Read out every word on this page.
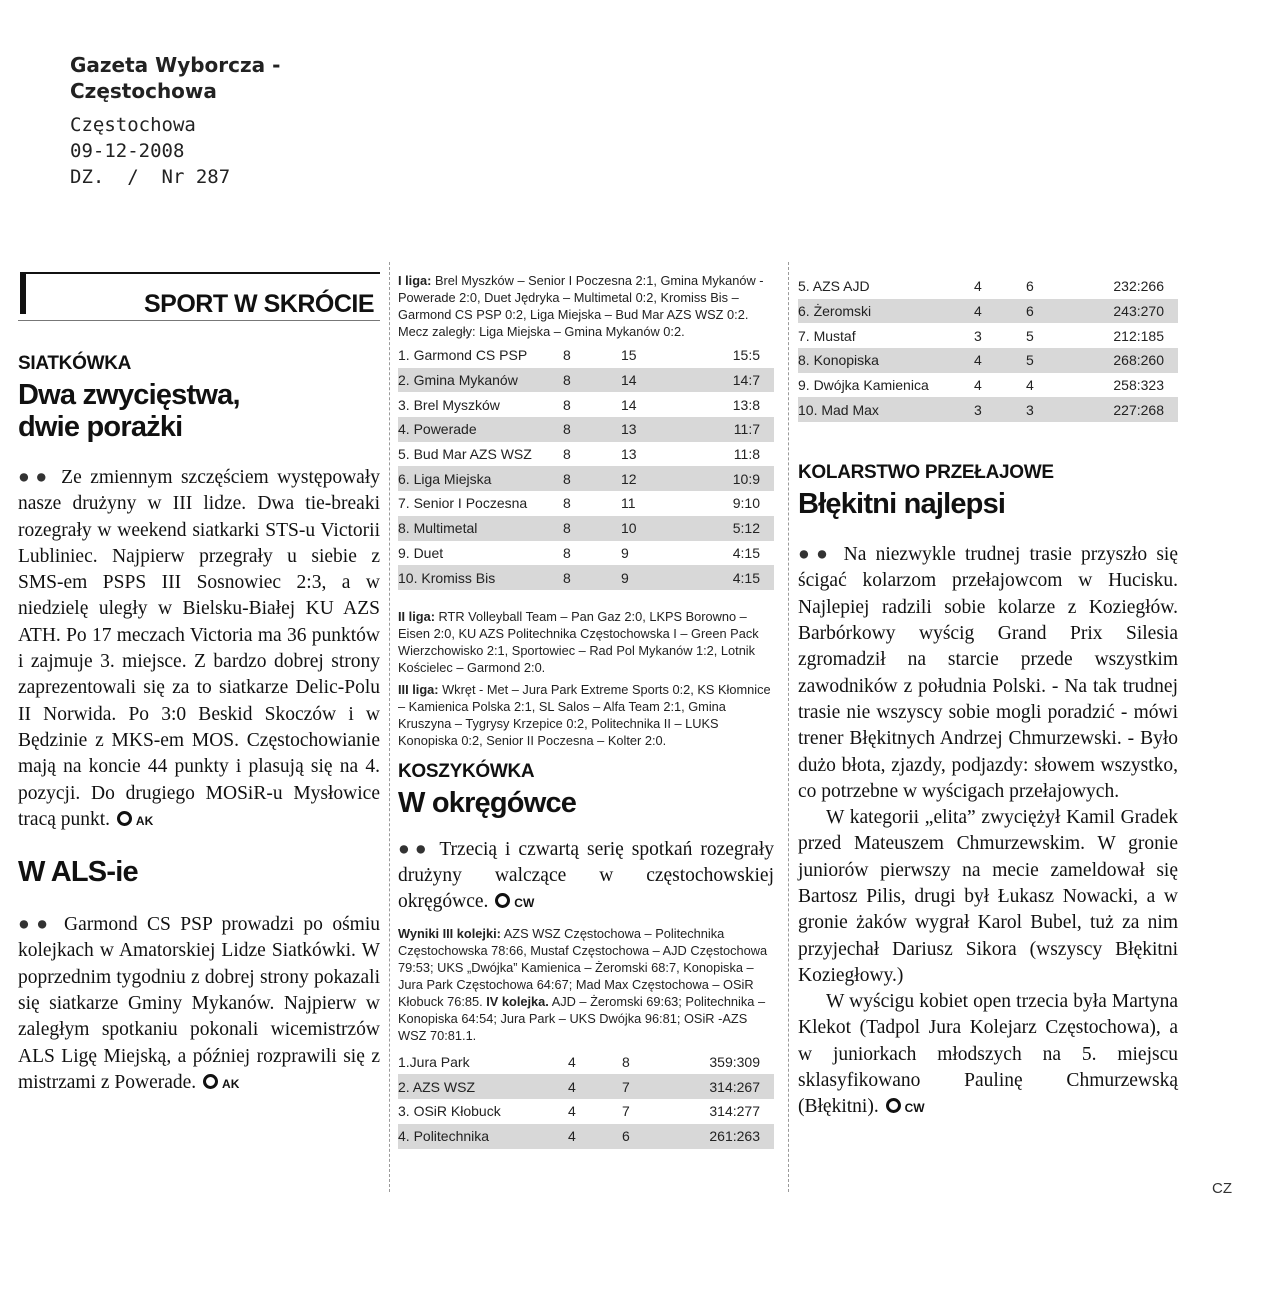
Gazeta Wyborcza -
Częstochowa
Częstochowa
09-12-2008
DZ.  /  Nr 287
SPORT W SKRÓCIE

SIATKÓWKA

Dwa zwycięstwa,

dwie porażki

●● Ze zmiennym szczęściem występowały nasze drużyny w III lidze. Dwa tie-breaki rozegrały w weekend siatkarki STS-u Victorii Lubliniec. Najpierw przegrały u siebie z SMS-em PSPS III Sosnowiec 2:3, a w niedzielę uległy w Bielsku-Białej KU AZS ATH. Po 17 meczach Victoria ma 36 punktów i zajmuje 3. miejsce. Z bardzo dobrej strony zaprezentowali się za to siatkarze Delic-Polu II Norwida. Po 3:0 Beskid Skoczów i w Będzinie z MKS-em MOS. Częstochowianie mają na koncie 44 punkty i plasują się na 4. pozycji. Do drugiego MOSiR-u Mysłowice tracą punkt. AK

W ALS-ie

●● Garmond CS PSP prowadzi po ośmiu kolejkach w Amatorskiej Lidze Siatkówki. W poprzednim tygodniu z dobrej strony pokazali się siatkarze Gminy Mykanów. Najpierw w zaległym spotkaniu pokonali wicemistrzów ALS Ligę Miejską, a później rozprawili się z mistrzami z Powerade. AK

I liga: Brel Myszków – Senior I Poczesna 2:1, Gmina Mykanów - Powerade 2:0, Duet Jędryka – Multimetal 0:2, Kromiss Bis – Garmond CS PSP 0:2, Liga Miejska – Bud Mar AZS WSZ 0:2. Mecz zaległy: Liga Miejska – Gmina Mykanów 0:2.

1. Garmond CS PSP	8	15	15:5
2. Gmina Mykanów	8	14	14:7
3. Brel Myszków	8	14	13:8
4. Powerade	8	13	11:7
5. Bud Mar AZS WSZ	8	13	11:8
6. Liga Miejska	8	12	10:9
7. Senior I Poczesna	8	11	9:10
8. Multimetal	8	10	5:12
9. Duet	8	9	4:15
10. Kromiss Bis	8	9	4:15

II liga: RTR Volleyball Team – Pan Gaz 2:0, LKPS Borowno – Eisen 2:0, KU AZS Politechnika Częstochowska I – Green Pack Wierzchowisko 2:1, Sportowiec – Rad Pol Mykanów 1:2, Lotnik Kościelec – Garmond 2:0.

III liga: Wkręt - Met – Jura Park Extreme Sports 0:2, KS Kłomnice – Kamienica Polska 2:1, SL Salos – Alfa Team 2:1, Gmina Kruszyna – Tygrysy Krzepice 0:2, Politechnika II – LUKS Konopiska 0:2, Senior II Poczesna – Kolter 2:0.

KOSZYKÓWKA

W okręgówce

●● Trzecią i czwartą serię spotkań rozegrały drużyny walczące w częstochowskiej okręgówce. CW

Wyniki III kolejki: AZS WSZ Częstochowa – Politechnika Częstochowska 78:66, Mustaf Częstochowa – AJD Częstochowa 79:53; UKS „Dwójka” Kamienica – Żeromski 68:7, Konopiska – Jura Park Częstochowa 64:67; Mad Max Częstochowa – OSiR Kłobuck 76:85. IV kolejka. AJD – Żeromski 69:63; Politechnika – Konopiska 64:54; Jura Park – UKS Dwójka 96:81; OSiR -AZS WSZ 70:81.1.

1.Jura Park	4	8	359:309
2. AZS WSZ	4	7	314:267
3. OSiR Kłobuck	4	7	314:277
4. Politechnika	4	6	261:263
5. AZS AJD	4	6	232:266
6. Żeromski	4	6	243:270
7. Mustaf	3	5	212:185
8. Konopiska	4	5	268:260
9. Dwójka Kamienica	4	4	258:323
10. Mad Max	3	3	227:268

KOLARSTWO PRZEŁAJOWE

Błękitni najlepsi

●● Na niezwykle trudnej trasie przyszło się ścigać kolarzom przełajowcom w Hucisku. Najlepiej radzili sobie kolarze z Koziegłów. Barbórkowy wyścig Grand Prix Silesia zgromadził na starcie przede wszystkim zawodników z południa Polski. - Na tak trudnej trasie nie wszyscy sobie mogli poradzić - mówi trener Błękitnych Andrzej Chmurzewski. - Było dużo błota, zjazdy, podjazdy: słowem wszystko, co potrzebne w wyścigach przełajowych.

W kategorii „elita” zwyciężył Kamil Gradek przed Mateuszem Chmurzewskim. W gronie juniorów pierwszy na mecie zameldował się Bartosz Pilis, drugi był Łukasz Nowacki, a w gronie żaków wygrał Karol Bubel, tuż za nim przyjechał Dariusz Sikora (wszyscy Błękitni Koziegłowy.)

W wyścigu kobiet open trzecia była Martyna Klekot (Tadpol Jura Kolejarz Częstochowa), a w juniorkach młodszych na 5. miejscu sklasyfikowano Paulinę Chmurzewską (Błękitni). CW

CZ
